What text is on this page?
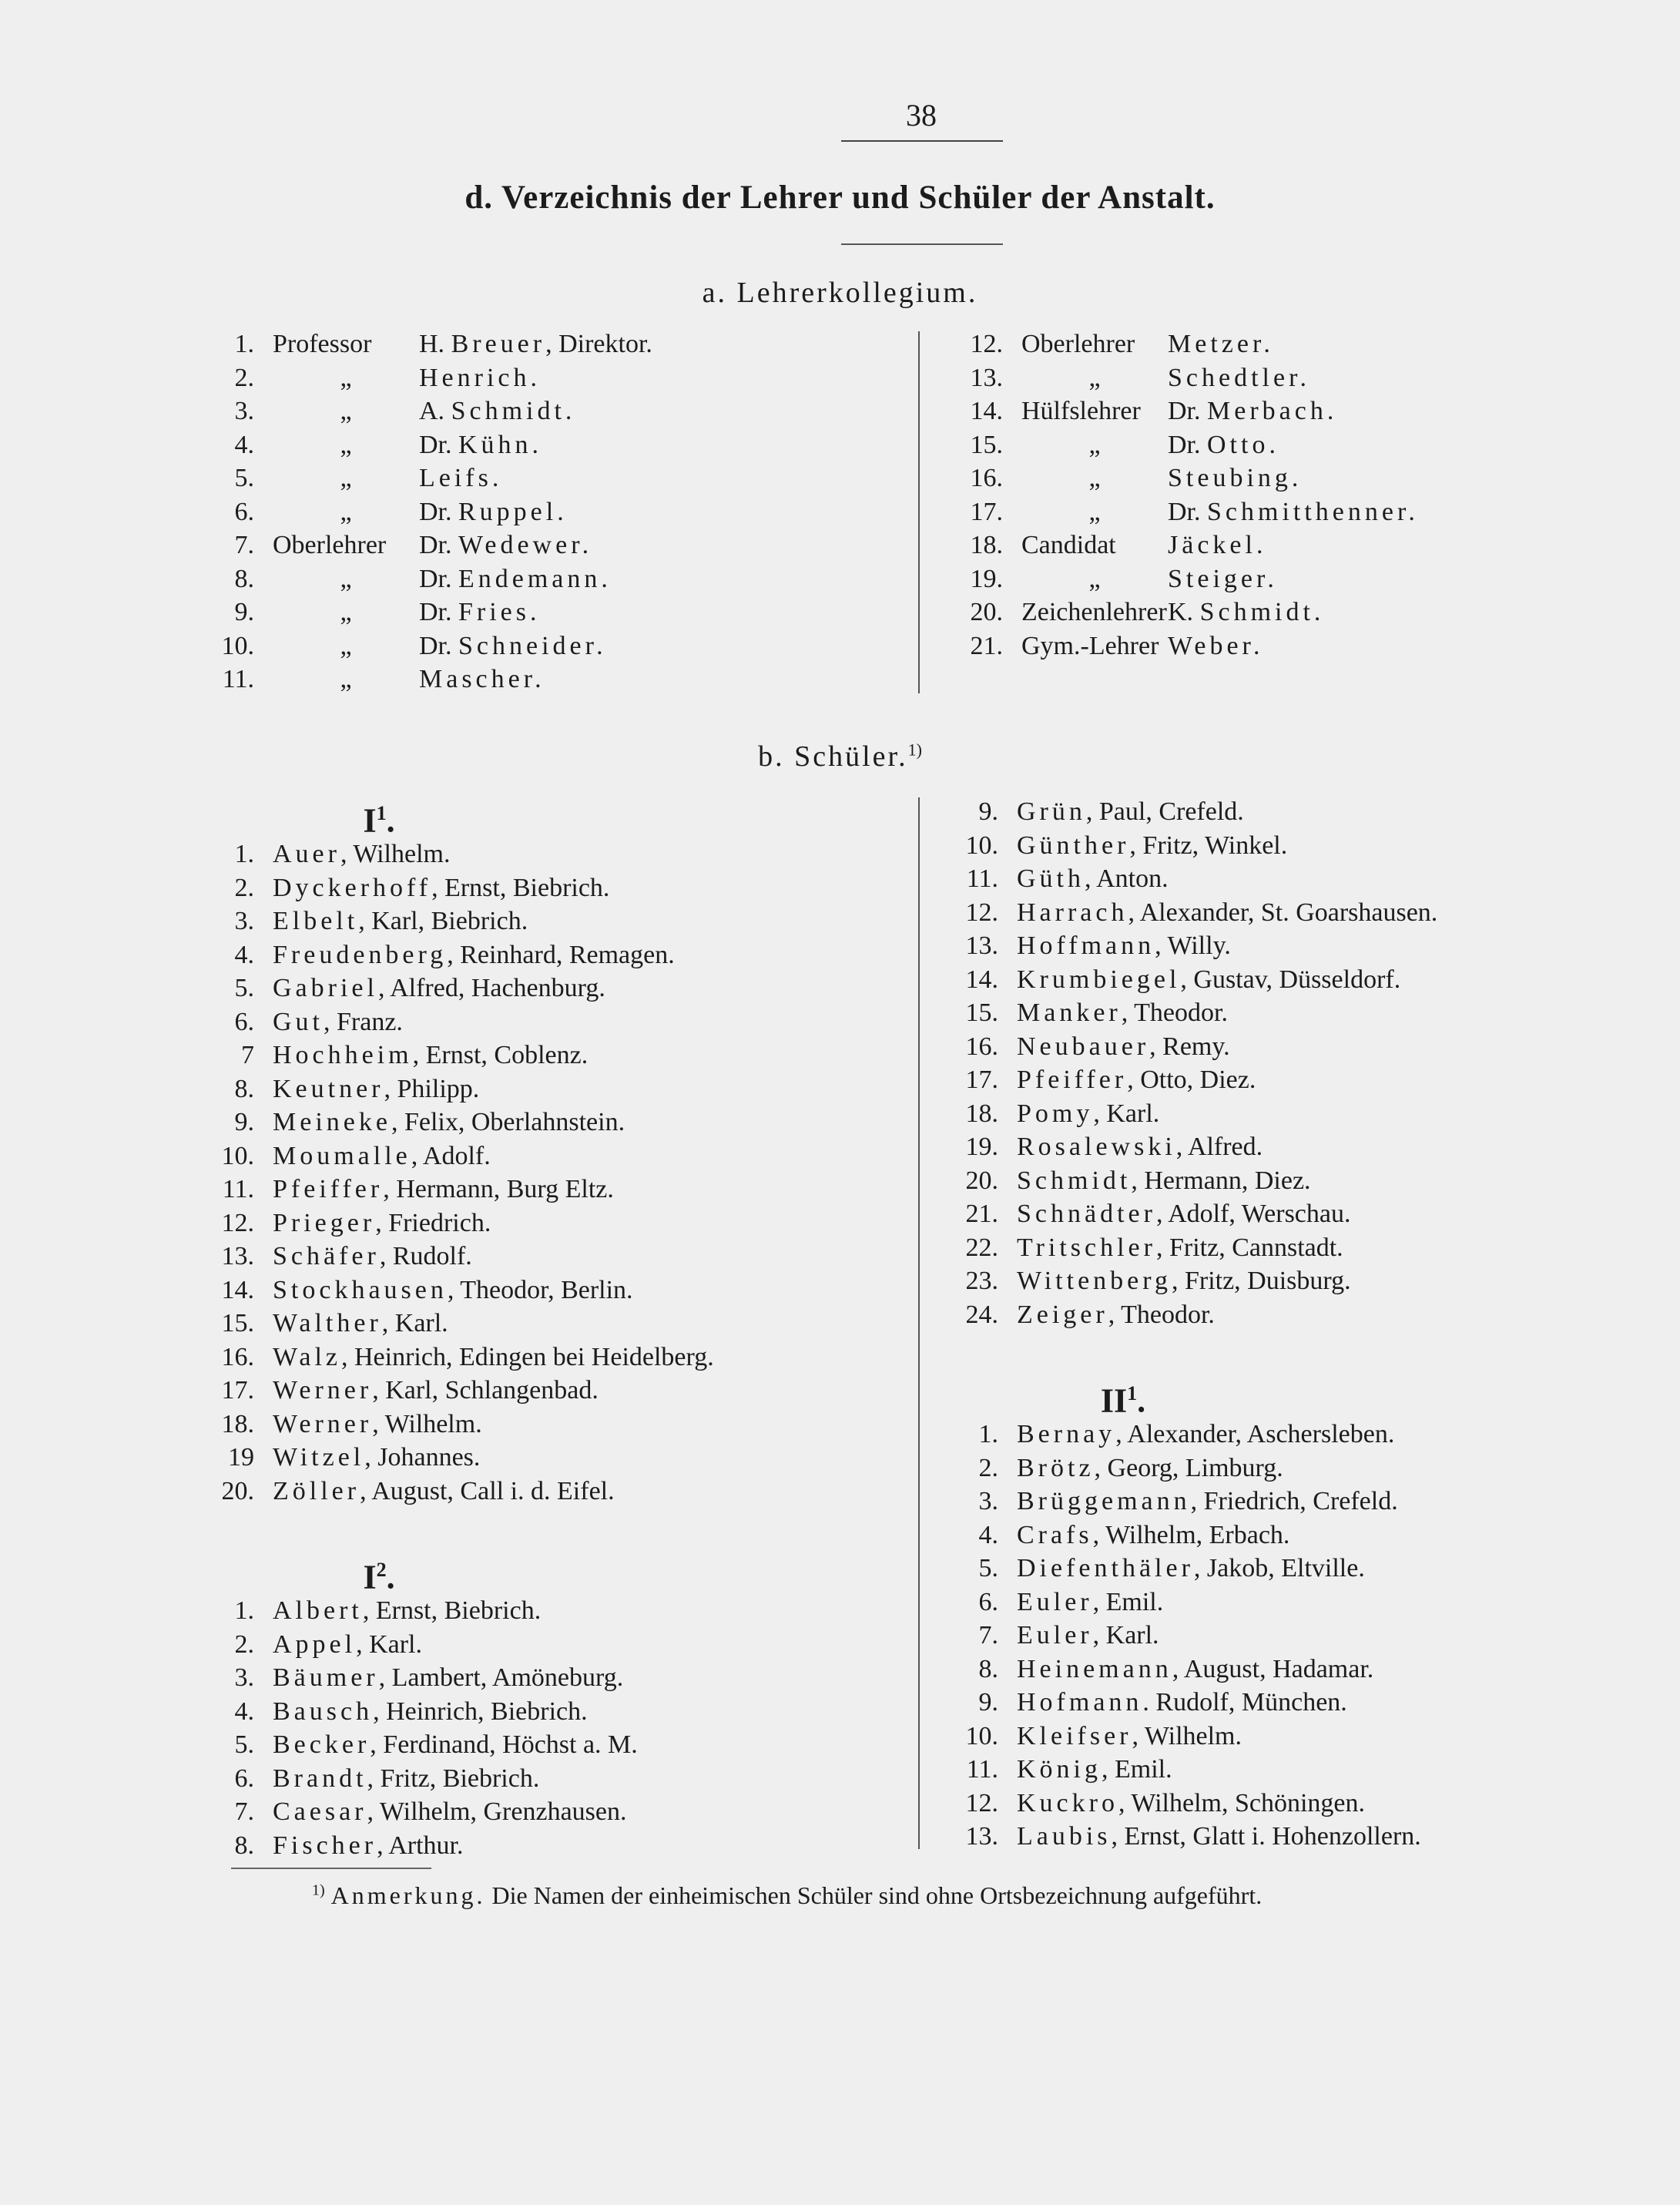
38
d. Verzeichnis der Lehrer und Schüler der Anstalt.
a. Lehrerkollegium.
1. Professor	H. Breuer , Direktor.
2.	„	Henrich.
3.	„	A. Schmidt.
4.	„	Dr. Kühn.
5.	„	Leifs.
6.	„	Dr. Ruppel.
7. Oberlehrer	Dr. Wedewer.
8.	„	Dr. Endemann.
9.	„	Dr. Fries.
10.	„	Dr. Schneider.
11.	„	Mascher.
12. Oberlehrer	Metzer.
13.	„	Schedtler.
14. Hülfslehrer	Dr. Merbach.
15.	„	Dr. Otto.
16.	„	Steubing.
17.	„	Dr. Schmitthenner.
18. Candidat	Jäckel.
19.	„	Steiger.
20. Zeichenlehrer K. Schmidt.
21. Gym.-Lehrer Weber.
b. Schüler.$^{1)}$
$I^1$.
1. Auer, Wilhelm.
2. Dyckerhoff, Ernst, Biebrich.
3. Elbelt, Karl, Biebrich.
4. Freudenberg, Reinhard, Remagen.
5. Gabriel, Alfred, Hachenburg.
6. Gut, Franz.
7 Hochheim, Ernst, Coblenz.
8. Keutner, Philipp.
9. Meineke, Felix, Oberlahnstein.
10. Moumalle, Adolf.
11. Pfeiffer, Hermann, Burg Eltz.
12. Prieger, Friedrich.
13. Schäfer, Rudolf.
14. Stockhausen, Theodor, Berlin.
15. Walther, Karl.
16. Walz, Heinrich, Edingen bei Heidelberg.
17. Werner, Karl, Schlangenbad.
18. Werner, Wilhelm.
19 Witzel, Johannes.
20. Zöller, August, Call i. d. Eifel.
$I^2$.
1. Albert, Ernst, Biebrich.
2. Appel, Karl.
3. Bäumer, Lambert, Amöneburg.
4. Bausch, Heinrich, Biebrich.
5. Becker, Ferdinand, Höchst a. M.
6. Brandt, Fritz, Biebrich.
7. Caesar, Wilhelm, Grenzhausen.
8. Fischer, Arthur.
9. Grün, Paul, Crefeld.
10. Günther, Fritz, Winkel.
11. Güth, Anton.
12. Harrach, Alexander, St. Goarshausen.
13. Hoffmann, Willy.
14. Krumbiegel, Gustav, Düsseldorf.
15. Manker, Theodor.
16. Neubauer, Remy.
17. Pfeiffer, Otto, Diez.
18. Pomy, Karl.
19. Rosalewski, Alfred.
20. Schmidt, Hermann, Diez.
21. Schnädter, Adolf, Werschau.
22. Tritschler, Fritz, Cannstadt.
23. Wittenberg, Fritz, Duisburg.
24. Zeiger, Theodor.
$II^1$.
1. Bernay, Alexander, Aschersleben.
2. Brötz, Georg, Limburg.
3. Brüggemann, Friedrich, Crefeld.
4. Crafs, Wilhelm, Erbach.
5. Diefenthäler, Jakob, Eltville.
6. Euler, Emil.
7. Euler, Karl.
8. Heinemann, August, Hadamar.
9. Hofmann. Rudolf, München.
10. Kleifser, Wilhelm.
11. König, Emil.
12. Kuckro, Wilhelm, Schöningen.
13. Laubis, Ernst, Glatt i. Hohenzollern.
$^{1)}$ Anmerkung. Die Namen der einheimischen Schüler sind ohne Ortsbezeichnung aufgeführt.
